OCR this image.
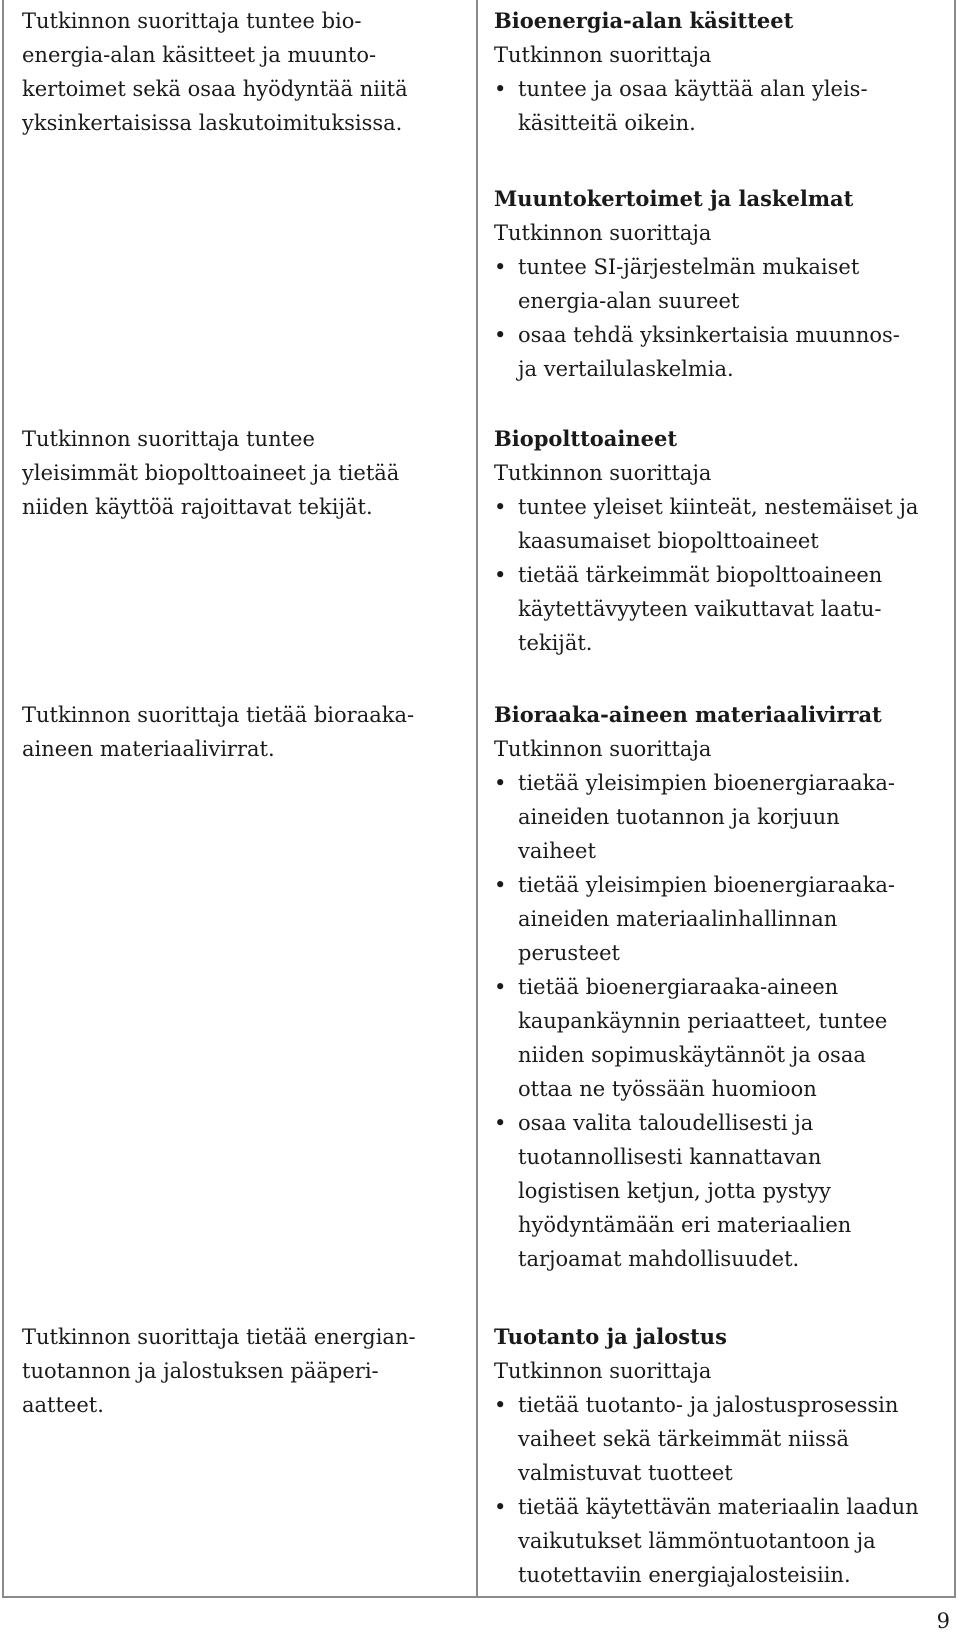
Tutkinnon suorittaja tuntee bio-
energia-alan käsitteet ja muunto-
kertoimet sekä osaa hyödyntää niitä
yksinkertaisissa laskutoimituksissa.
Tutkinnon suorittaja tuntee
yleisimmät biopolttoaineet ja tietää
niiden käyttöä rajoittavat tekijät.
Tutkinnon suorittaja tietää bioraaka-
aineen materiaalivirrat.
Tutkinnon suorittaja tietää energian-
tuotannon ja jalostuksen pääperi-
aatteet.
Bioenergia-alan käsitteet
Tutkinnon suorittaja
• tuntee ja osaa käyttää alan yleis-
käsitteitä oikein.
Muuntokertoimet ja laskelmat
Tutkinnon suorittaja
• tuntee SI-järjestelmän mukaiset
energia-alan suureet
• osaa tehdä yksinkertaisia muunnos-
ja vertailulaskelmia.
Biopolttoaineet
Tutkinnon suorittaja
• tuntee yleiset kiinteät, nestemäiset ja
kaasumaiset biopolttoaineet
• tietää tärkeimmät biopolttoaineen
käytettävyyteen vaikuttavat laatu-
tekijät.
Bioraaka-aineen materiaalivirrat
Tutkinnon suorittaja
• tietää yleisimpien bioenergiaraaka-
aineiden tuotannon ja korjuun
vaiheet
• tietää yleisimpien bioenergiaraaka-
aineiden materiaalinhallinnan
perusteet
• tietää bioenergiaraaka-aineen
kaupankäynnin periaatteet, tuntee
niiden sopimuskäytännöt ja osaa
ottaa ne työssään huomioon
• osaa valita taloudellisesti ja
tuotannollisesti kannattavan
logistisen ketjun, jotta pystyy
hyödyntämään eri materiaalien
tarjoamat mahdollisuudet.
Tuotanto ja jalostus
Tutkinnon suorittaja
• tietää tuotanto- ja jalostusprosessin
vaiheet sekä tärkeimmät niissä
valmistuvat tuotteet
• tietää käytettävän materiaalin laadun
vaikutukset lämmöntuotantoon ja
tuotettaviin energiajalosteisiin.
9
